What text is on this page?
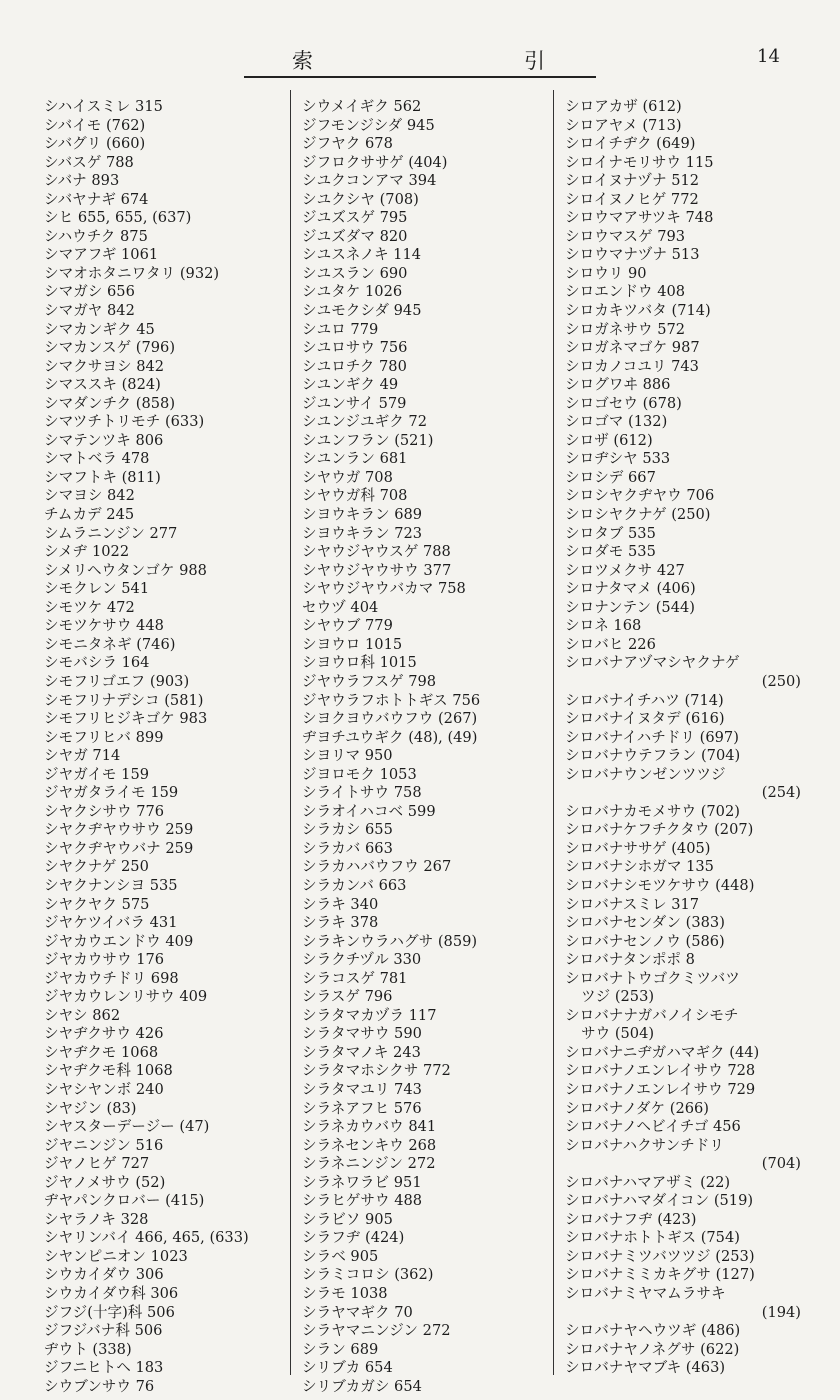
索	引	14
シハイスミレ 315
シバイモ (762)
シバグリ (660)
シバスゲ 788
シバナ 893
シバヤナギ 674
シヒ 655, 655, (637)
シハウチク 875
シマアフギ 1061
シマオホタニワタリ (932)
シマガシ 656
シマガヤ 842
シマカンギク 45
シマカンスゲ (796)
シマクサヨシ 842
シマススキ (824)
シマダンチク (858)
シマツチトリモチ (633)
シマテンツキ 806
シマトベラ 478
シマフトキ (811)
シマヨシ 842
チムカデ 245
シムラニンジン 277
シメヂ 1022
シメリヘウタンゴケ 988
シモクレン 541
シモツケ 472
シモツケサウ 448
シモニタネギ (746)
シモバシラ 164
シモフリゴエフ (903)
シモフリナデシコ (581)
シモフリヒジキゴケ 983
シモフリヒバ 899
シヤガ 714
ジヤガイモ 159
ジヤガタライモ 159
シヤクシサウ 776
シヤクヂヤウサウ 259
シヤクヂヤウバナ 259
シヤクナゲ 250
シヤクナンシヨ 535
シヤクヤク 575
ジヤケツイバラ 431
ジヤカウエンドウ 409
ジヤカウサウ 176
ジヤカウチドリ 698
ジヤカウレンリサウ 409
シヤシ 862
シヤヂクサウ 426
シヤヂクモ 1068
シヤヂクモ科 1068
シヤシヤンボ 240
シヤジン (83)
シヤスターデージー (47)
ジヤニンジン 516
ジヤノヒゲ 727
ジヤノメサウ (52)
ヂヤパンクロバー (415)
シヤラノキ 328
シヤリンバイ 466, 465, (633)
シヤンピニオン 1023
シウカイダウ 306
シウカイダウ科 306
ジフジ(十字)科 506
ジフジバナ科 506
ヂウト (338)
ジフニヒトヘ 183
シウブンサウ 76
シウメイギク 562
ジフモンジシダ 945
ジフヤク 678
ジフロクササゲ (404)
シユクコンアマ 394
シユクシヤ (708)
ジユズスゲ 795
ジユズダマ 820
シユスネノキ 114
シユスラン 690
シユタケ 1026
シユモクシダ 945
シユロ 779
シユロサウ 756
シユロチク 780
シユンギク 49
ジユンサイ 579
シユンジユギク 72
シユンフラン (521)
シユンラン 681
シヤウガ 708
シヤウガ科 708
シヨウキラン 689
シヨウキラン 723
シヤウジヤウスゲ 788
シヤウジヤウサウ 377
シヤウジヤウバカマ 758
セウヅ 404
シヤウブ 779
シヨウロ 1015
シヨウロ科 1015
ジヤウラフスゲ 798
ジヤウラフホトトギス 756
シヨクヨウバウフウ (267)
ヂヨチユウギク (48), (49)
シヨリマ 950
ジヨロモク 1053
シライトサウ 758
シラオイハコベ 599
シラカシ 655
シラカバ 663
シラカハバウフウ 267
シラカンバ 663
シラキ 340
シラキ 378
シラキンウラハグサ (859)
シラクチヅル 330
シラコスゲ 781
シラスゲ 796
シラタマカヅラ 117
シラタマサウ 590
シラタマノキ 243
シラタマホシクサ 772
シラタマユリ 743
シラネアフヒ 576
シラネカウバウ 841
シラネセンキウ 268
シラネニンジン 272
シラネワラビ 951
シラヒゲサウ 488
シラビソ 905
シラフヂ (424)
シラベ 905
シラミコロシ (362)
シラモ 1038
シラヤマギク 70
シラヤマニンジン 272
シラン 689
シリブカ 654
シリブカガシ 654
シロアカザ (612)
シロアヤメ (713)
シロイチヂク (649)
シロイナモリサウ 115
シロイヌナヅナ 512
シロイヌノヒゲ 772
シロウマアサツキ 748
シロウマスゲ 793
シロウマナヅナ 513
シロウリ 90
シロエンドウ 408
シロカキツバタ (714)
シロガネサウ 572
シロガネマゴケ 987
シロカノコユリ 743
シログワヰ 886
シロゴセウ (678)
シロゴマ (132)
シロザ (612)
シロヂシヤ 533
シロシデ 667
シロシヤクヂヤウ 706
シロシヤクナゲ (250)
シロタブ 535
シロダモ 535
シロツメクサ 427
シロナタマメ (406)
シロナンテン (544)
シロネ 168
シロバヒ 226
シロバナアヅマシヤクナゲ
(250)
シロバナイチハツ (714)
シロバナイヌタデ (616)
シロバナイハチドリ (697)
シロバナウテフラン (704)
シロバナウンゼンツツジ
(254)
シロバナカモメサウ (702)
シロバナケフチクタウ (207)
シロバナササゲ (405)
シロバナシホガマ 135
シロバナシモツケサウ (448)
シロバナスミレ 317
シロバナセンダン (383)
シロバナセンノウ (586)
シロバナタンポポ 8
シロバナトウゴクミツバツ
ツジ (253)
シロバナナガバノイシモチ
サウ (504)
シロバナニヂガハマギク (44)
シロバナノエンレイサウ 728
シロバナノエンレイサウ 729
シロバナノダケ (266)
シロバナノヘビイチゴ 456
シロバナハクサンチドリ
(704)
シロバナハマアザミ (22)
シロバナハマダイコン (519)
シロバナフヂ (423)
シロバナホトトギス (754)
シロバナミツバツツジ (253)
シロバナミミカキグサ (127)
シロバナミヤマムラサキ
(194)
シロバナヤヘウツギ (486)
シロバナヤノネグサ (622)
シロバナヤマブキ (463)
